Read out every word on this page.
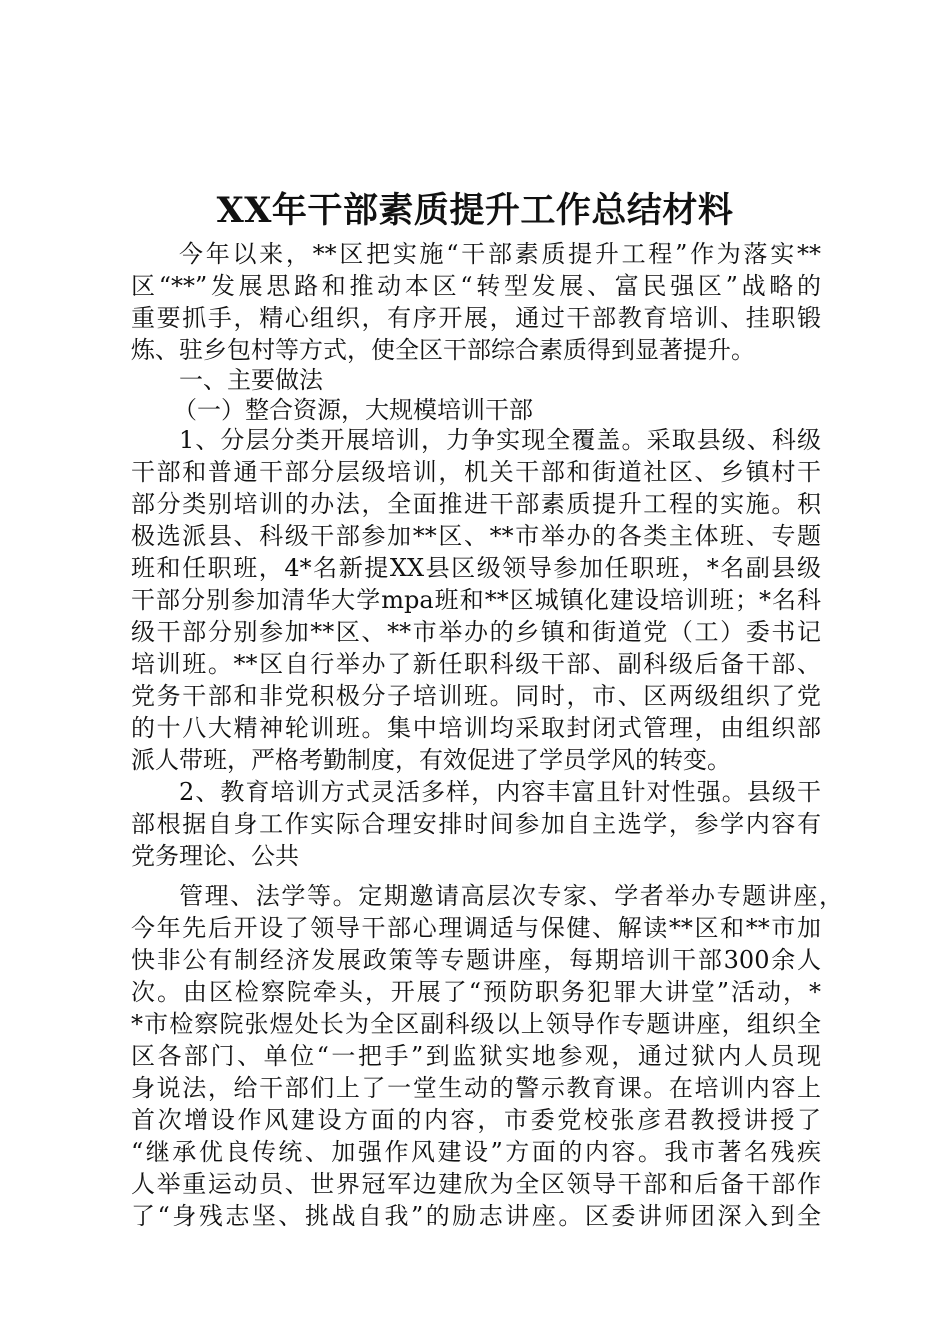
XX年干部素质提升工作总结材料
今年以来，**区把实施“干部素质提升工程”作为落实**
区“**”发展思路和推动本区“转型发展、富民强区”战略的
重要抓手，精心组织，有序开展，通过干部教育培训、挂职锻
炼、驻乡包村等方式，使全区干部综合素质得到显著提升。
一、主要做法
（一）整合资源，大规模培训干部
1、分层分类开展培训，力争实现全覆盖。采取县级、科级
干部和普通干部分层级培训，机关干部和街道社区、乡镇村干
部分类别培训的办法，全面推进干部素质提升工程的实施。积
极选派县、科级干部参加**区、**市举办的各类主体班、专题
班和任职班，4*名新提XX县区级领导参加任职班，*名副县级
干部分别参加清华大学mpa班和**区城镇化建设培训班；*名科
级干部分别参加**区、**市举办的乡镇和街道党（工）委书记
培训班。**区自行举办了新任职科级干部、副科级后备干部、
党务干部和非党积极分子培训班。同时，市、区两级组织了党
的十八大精神轮训班。集中培训均采取封闭式管理，由组织部
派人带班，严格考勤制度，有效促进了学员学风的转变。
2、教育培训方式灵活多样，内容丰富且针对性强。县级干
部根据自身工作实际合理安排时间参加自主选学，参学内容有
党务理论、公共
管理、法学等。定期邀请高层次专家、学者举办专题讲座，
今年先后开设了领导干部心理调适与保健、解读**区和**市加
快非公有制经济发展政策等专题讲座，每期培训干部300余人
次。由区检察院牵头，开展了“预防职务犯罪大讲堂”活动，*
*市检察院张煜处长为全区副科级以上领导作专题讲座，组织全
区各部门、单位“一把手”到监狱实地参观，通过狱内人员现
身说法，给干部们上了一堂生动的警示教育课。在培训内容上
首次增设作风建设方面的内容，市委党校张彦君教授讲授了
“继承优良传统、加强作风建设”方面的内容。我市著名残疾
人举重运动员、世界冠军边建欣为全区领导干部和后备干部作
了“身残志坚、挑战自我”的励志讲座。区委讲师团深入到全
